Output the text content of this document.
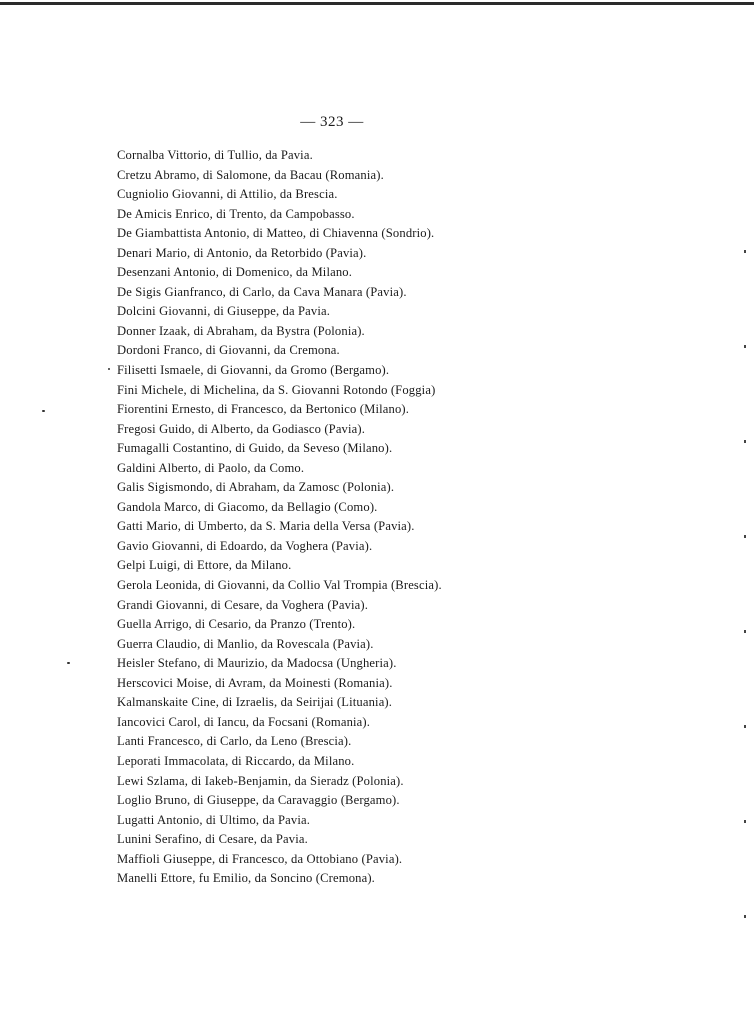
— 323 —
Cornalba Vittorio, di Tullio, da Pavia.
Cretzu Abramo, di Salomone, da Bacau (Romania).
Cugniolio Giovanni, di Attilio, da Brescia.
De Amicis Enrico, di Trento, da Campobasso.
De Giambattista Antonio, di Matteo, di Chiavenna (Sondrio).
Denari Mario, di Antonio, da Retorbido (Pavia).
Desenzani Antonio, di Domenico, da Milano.
De Sigis Gianfranco, di Carlo, da Cava Manara (Pavia).
Dolcini Giovanni, di Giuseppe, da Pavia.
Donner Izaak, di Abraham, da Bystra (Polonia).
Dordoni Franco, di Giovanni, da Cremona.
Filisetti Ismaele, di Giovanni, da Gromo (Bergamo).
Fini Michele, di Michelina, da S. Giovanni Rotondo (Foggia)
Fiorentini Ernesto, di Francesco, da Bertonico (Milano).
Fregosi Guido, di Alberto, da Godiasco (Pavia).
Fumagalli Costantino, di Guido, da Seveso (Milano).
Galdini Alberto, di Paolo, da Como.
Galis Sigismondo, di Abraham, da Zamosc (Polonia).
Gandola Marco, di Giacomo, da Bellagio (Como).
Gatti Mario, di Umberto, da S. Maria della Versa (Pavia).
Gavio Giovanni, di Edoardo, da Voghera (Pavia).
Gelpi Luigi, di Ettore, da Milano.
Gerola Leonida, di Giovanni, da Collio Val Trompia (Brescia).
Grandi Giovanni, di Cesare, da Voghera (Pavia).
Guella Arrigo, di Cesario, da Pranzo (Trento).
Guerra Claudio, di Manlio, da Rovescala (Pavia).
Heisler Stefano, di Maurizio, da Madocsa (Ungheria).
Herscovici Moise, di Avram, da Moinesti (Romania).
Kalmanskaite Cine, di Izraelis, da Seirijai (Lituania).
Iancovici Carol, di Iancu, da Focsani (Romania).
Lanti Francesco, di Carlo, da Leno (Brescia).
Leporati Immacolata, di Riccardo, da Milano.
Lewi Szlama, di Iakeb-Benjamin, da Sieradz (Polonia).
Loglio Bruno, di Giuseppe, da Caravaggio (Bergamo).
Lugatti Antonio, di Ultimo, da Pavia.
Lunini Serafino, di Cesare, da Pavia.
Maffioli Giuseppe, di Francesco, da Ottobiano (Pavia).
Manelli Ettore, fu Emilio, da Soncino (Cremona).
